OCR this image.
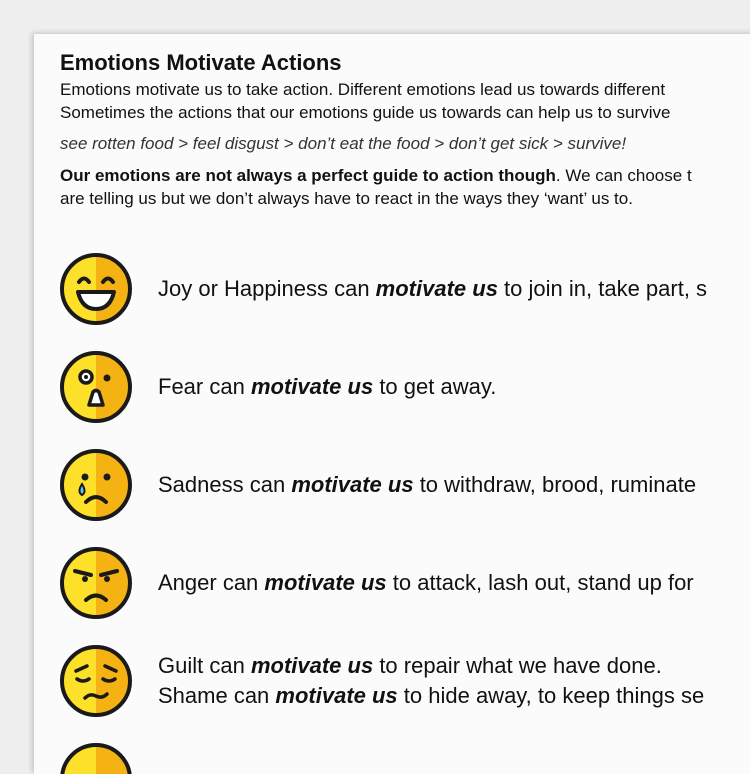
Emotions Motivate Actions
Emotions motivate us to take action. Different emotions lead us towards different
Sometimes the actions that our emotions guide us towards can help us to survive
see rotten food > feel disgust > don’t eat the food > don’t get sick > survive!
Our emotions are not always a perfect guide to action though. We can choose t
are telling us but we don’t always have to react in the ways they ‘want’ us to.
Joy or Happiness can motivate us to join in, take part, s
Fear can motivate us to get away.
Sadness can motivate us to withdraw, brood, ruminate
Anger can motivate us to attack, lash out, stand up for
Guilt can motivate us to repair what we have done.
Shame can motivate us to hide away, to keep things se
